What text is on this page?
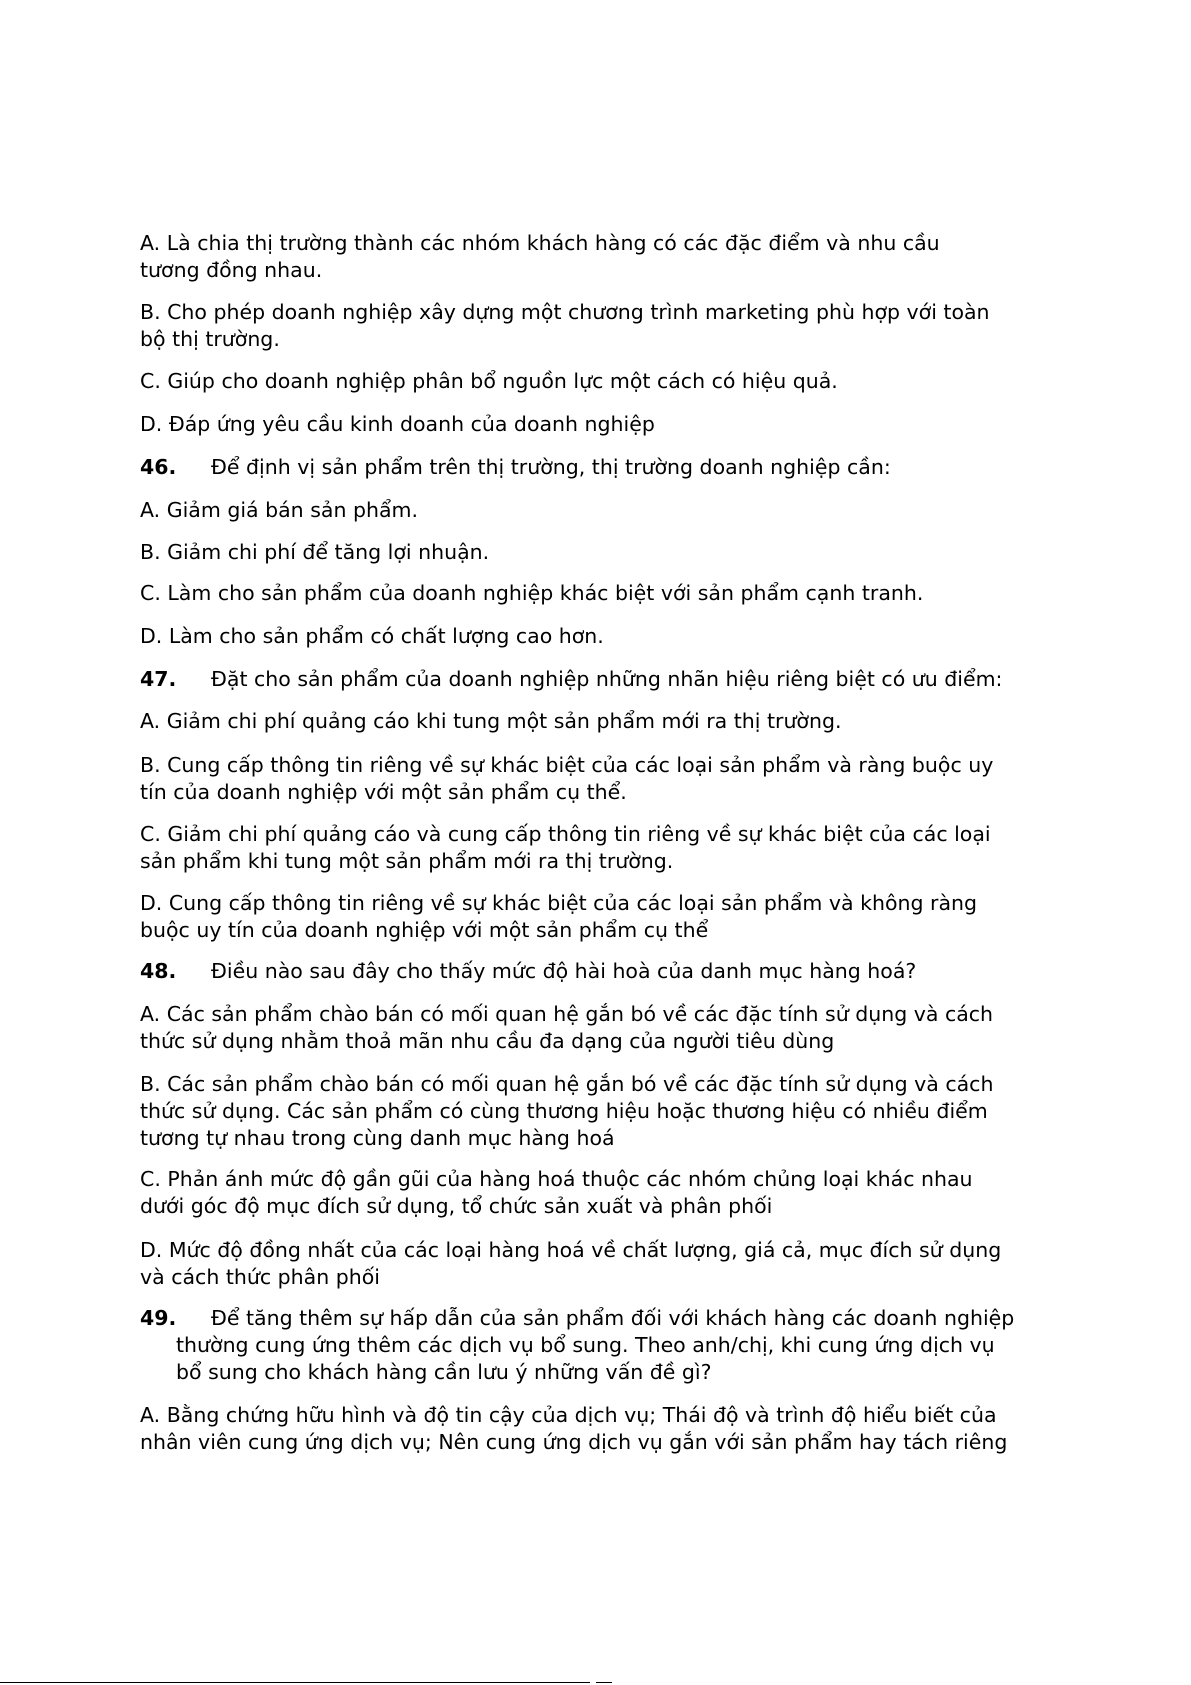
A. Là chia thị trường thành các nhóm khách hàng có các đặc điểm và nhu cầu
tương đồng nhau.
B. Cho phép doanh nghiệp xây dựng một chương trình marketing phù hợp với toàn
bộ thị trường.
C. Giúp cho doanh nghiệp phân bổ nguồn lực một cách có hiệu quả.
D. Đáp ứng yêu cầu kinh doanh của doanh nghiệp
46. Để định vị sản phẩm trên thị trường, thị trường doanh nghiệp cần:
A. Giảm giá bán sản phẩm.
B. Giảm chi phí để tăng lợi nhuận.
C. Làm cho sản phẩm của doanh nghiệp khác biệt với sản phẩm cạnh tranh.
D. Làm cho sản phẩm có chất lượng cao hơn.
47. Đặt cho sản phẩm của doanh nghiệp những nhãn hiệu riêng biệt có ưu điểm:
A. Giảm chi phí quảng cáo khi tung một sản phẩm mới ra thị trường.
B. Cung cấp thông tin riêng về sự khác biệt của các loại sản phẩm và ràng buộc uy
tín của doanh nghiệp với một sản phẩm cụ thể.
C. Giảm chi phí quảng cáo và cung cấp thông tin riêng về sự khác biệt của các loại
sản phẩm khi tung một sản phẩm mới ra thị trường.
D. Cung cấp thông tin riêng về sự khác biệt của các loại sản phẩm và không ràng
buộc uy tín của doanh nghiệp với một sản phẩm cụ thể
48. Điều nào sau đây cho thấy mức độ hài hoà của danh mục hàng hoá?
A. Các sản phẩm chào bán có mối quan hệ gắn bó về các đặc tính sử dụng và cách
thức sử dụng nhằm thoả mãn nhu cầu đa dạng của người tiêu dùng
B. Các sản phẩm chào bán có mối quan hệ gắn bó về các đặc tính sử dụng và cách
thức sử dụng. Các sản phẩm có cùng thương hiệu hoặc thương hiệu có nhiều điểm
tương tự nhau trong cùng danh mục hàng hoá
C. Phản ánh mức độ gần gũi của hàng hoá thuộc các nhóm chủng loại khác nhau
dưới góc độ mục đích sử dụng, tổ chức sản xuất và phân phối
D. Mức độ đồng nhất của các loại hàng hoá về chất lượng, giá cả, mục đích sử dụng
và cách thức phân phối
49. Để tăng thêm sự hấp dẫn của sản phẩm đối với khách hàng các doanh nghiệp
thường cung ứng thêm các dịch vụ bổ sung. Theo anh/chị, khi cung ứng dịch vụ
bổ sung cho khách hàng cần lưu ý những vấn đề gì?
A. Bằng chứng hữu hình và độ tin cậy của dịch vụ; Thái độ và trình độ hiểu biết của
nhân viên cung ứng dịch vụ; Nên cung ứng dịch vụ gắn với sản phẩm hay tách riêng
